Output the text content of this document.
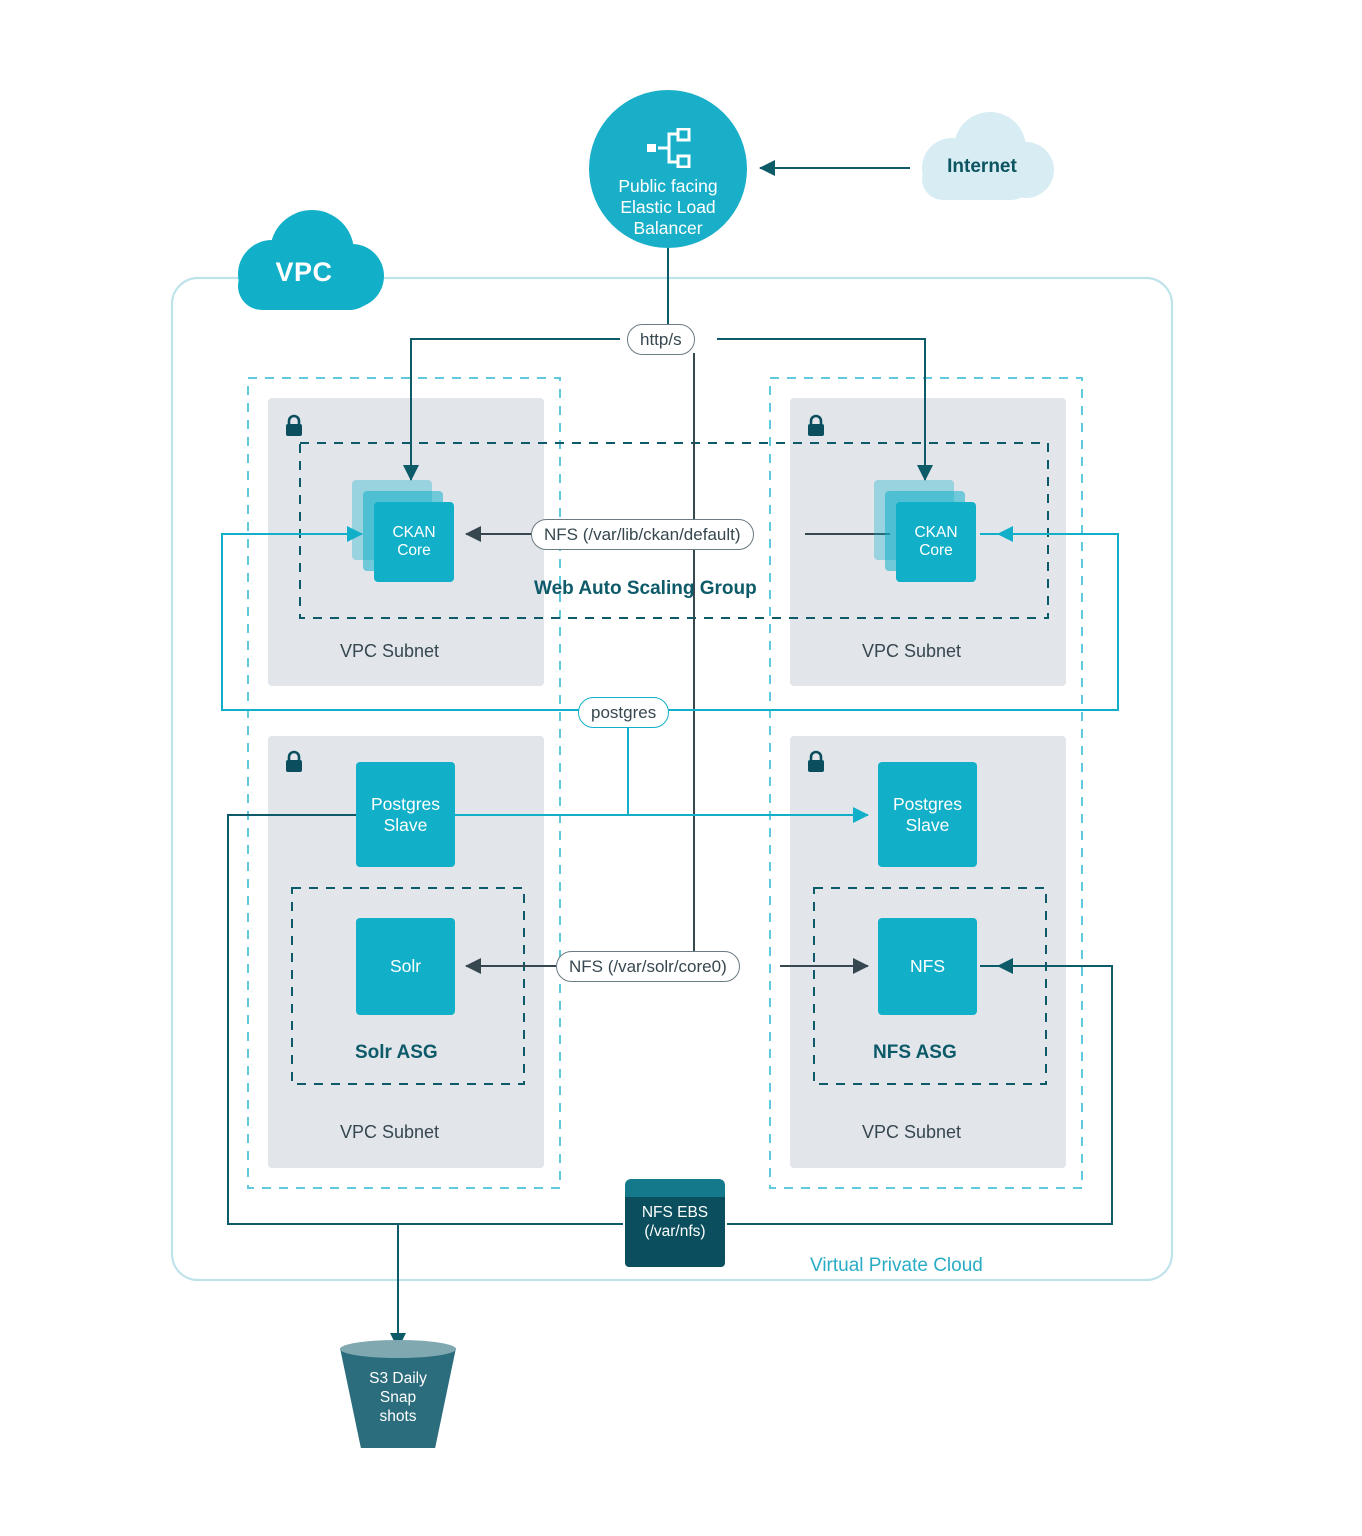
Internet
VPC
Public facing Elastic Load Balancer
http/s
CKAN
Core
CKAN
Core
NFS (/var/lib/ckan/default)
Web Auto Scaling Group
postgres
Postgres
Slave
Postgres
Slave
Solr	NFS
NFS (/var/solr/core0)
Solr ASG	NFS ASG
VPC Subnet	VPC Subnet
VPC Subnet	VPC Subnet
NFS EBS
(/var/nfs)
S3 Daily
Snap
shots
Virtual Private Cloud
